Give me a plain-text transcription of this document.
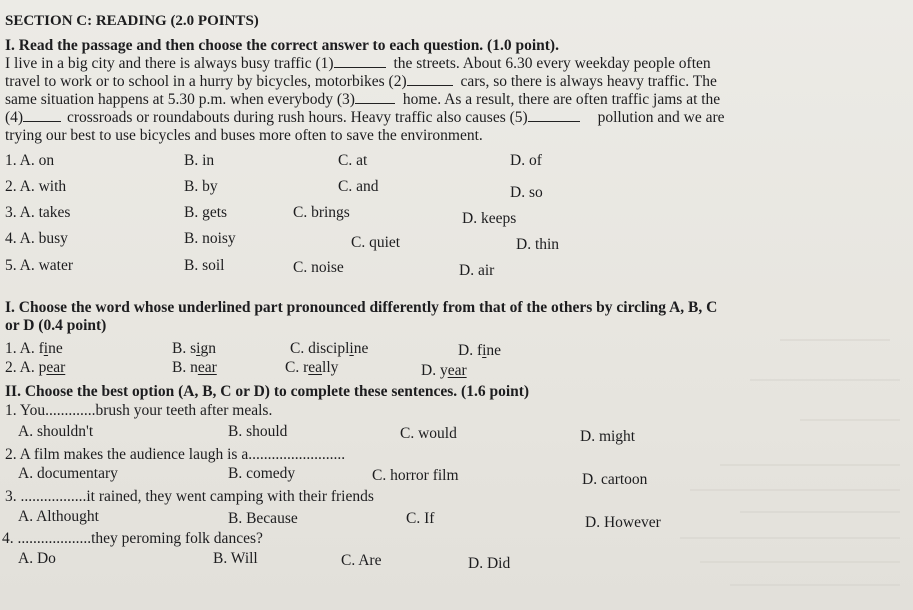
SECTION C: READING (2.0 POINTS)
I. Read the passage and then choose the correct answer to each question. (1.0 point).
I live in a big city and there is always busy traffic (1)	the streets. About 6.30 every weekday people often
travel to work or to school in a hurry by bicycles, motorbikes (2)	cars, so there is always heavy traffic. The
same situation happens at 5.30 p.m. when everybody (3)	home. As a result, there are often traffic jams at the
(4)	crossroads or roundabouts during rush hours. Heavy traffic also causes (5)	pollution and we are
trying our best to use bicycles and buses more often to save the environment.
1. A. on	B. in	C. at	D. of
2. A. with	B. by	C. and	D. so
3. A. takes	B. gets	C. brings	D. keeps
4. A. busy	B. noisy	C. quiet	D. thin
5. A. water	B. soil	C. noise	D. air
I. Choose the word whose underlined part pronounced differently from that of the others by circling A, B, C
or D (0.4 point)
1. A. fine	B. sign	C. discipline	D. fine
2. A. pear	B. near	C. really	D. year
II. Choose the best option (A, B, C or D) to complete these sentences. (1.6 point)
1. You.............brush your teeth after meals.
A. shouldn't	B. should	C. would	D. might
2. A film makes the audience laugh is a.........................
A. documentary	B. comedy	C. horror film	D. cartoon
3. .................it rained, they went camping with their friends
A. Althought	B. Because	C. If	D. However
4. ...................they peroming folk dances?
A. Do	B. Will	C. Are	D. Did
